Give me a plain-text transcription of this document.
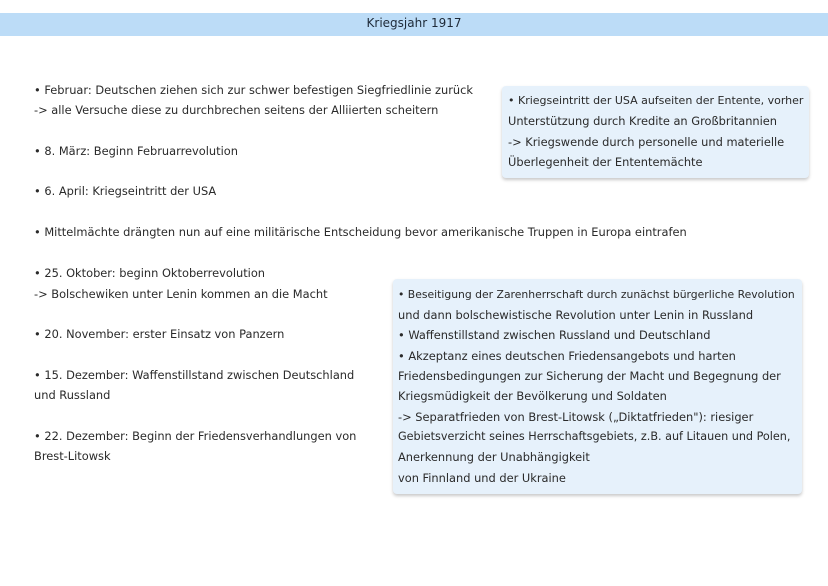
Kriegsjahr 1917
• Februar: Deutschen ziehen sich zur schwer befestigen Siegfriedlinie zurück
-> alle Versuche diese zu durchbrechen seitens der Alliierten scheitern
• 8. März: Beginn Februarrevolution
• 6. April: Kriegseintritt der USA
• Mittelmächte drängten nun auf eine militärische Entscheidung bevor amerikanische Truppen in Europa eintrafen
• 25. Oktober: beginn Oktoberrevolution
-> Bolschewiken unter Lenin kommen an die Macht
• 20. November: erster Einsatz von Panzern
• 15. Dezember: Waffenstillstand zwischen Deutschland
und Russland
• 22. Dezember: Beginn der Friedensverhandlungen von
Brest-Litowsk
• Kriegseintritt der USA aufseiten der Entente, vorher
Unterstützung durch Kredite an Großbritannien
-> Kriegswende durch personelle und materielle
Überlegenheit der Ententemächte
• Beseitigung der Zarenherrschaft durch zunächst bürgerliche Revolution
und dann bolschewistische Revolution unter Lenin in Russland
• Waffenstillstand zwischen Russland und Deutschland
• Akzeptanz eines deutschen Friedensangebots und harten
Friedensbedingungen zur Sicherung der Macht und Begegnung der
Kriegsmüdigkeit der Bevölkerung und Soldaten
-> Separatfrieden von Brest-Litowsk („Diktatfrieden"): riesiger
Gebietsverzicht seines Herrschaftsgebiets, z.B. auf Litauen und Polen,
Anerkennung der Unabhängigkeit
von Finnland und der Ukraine
